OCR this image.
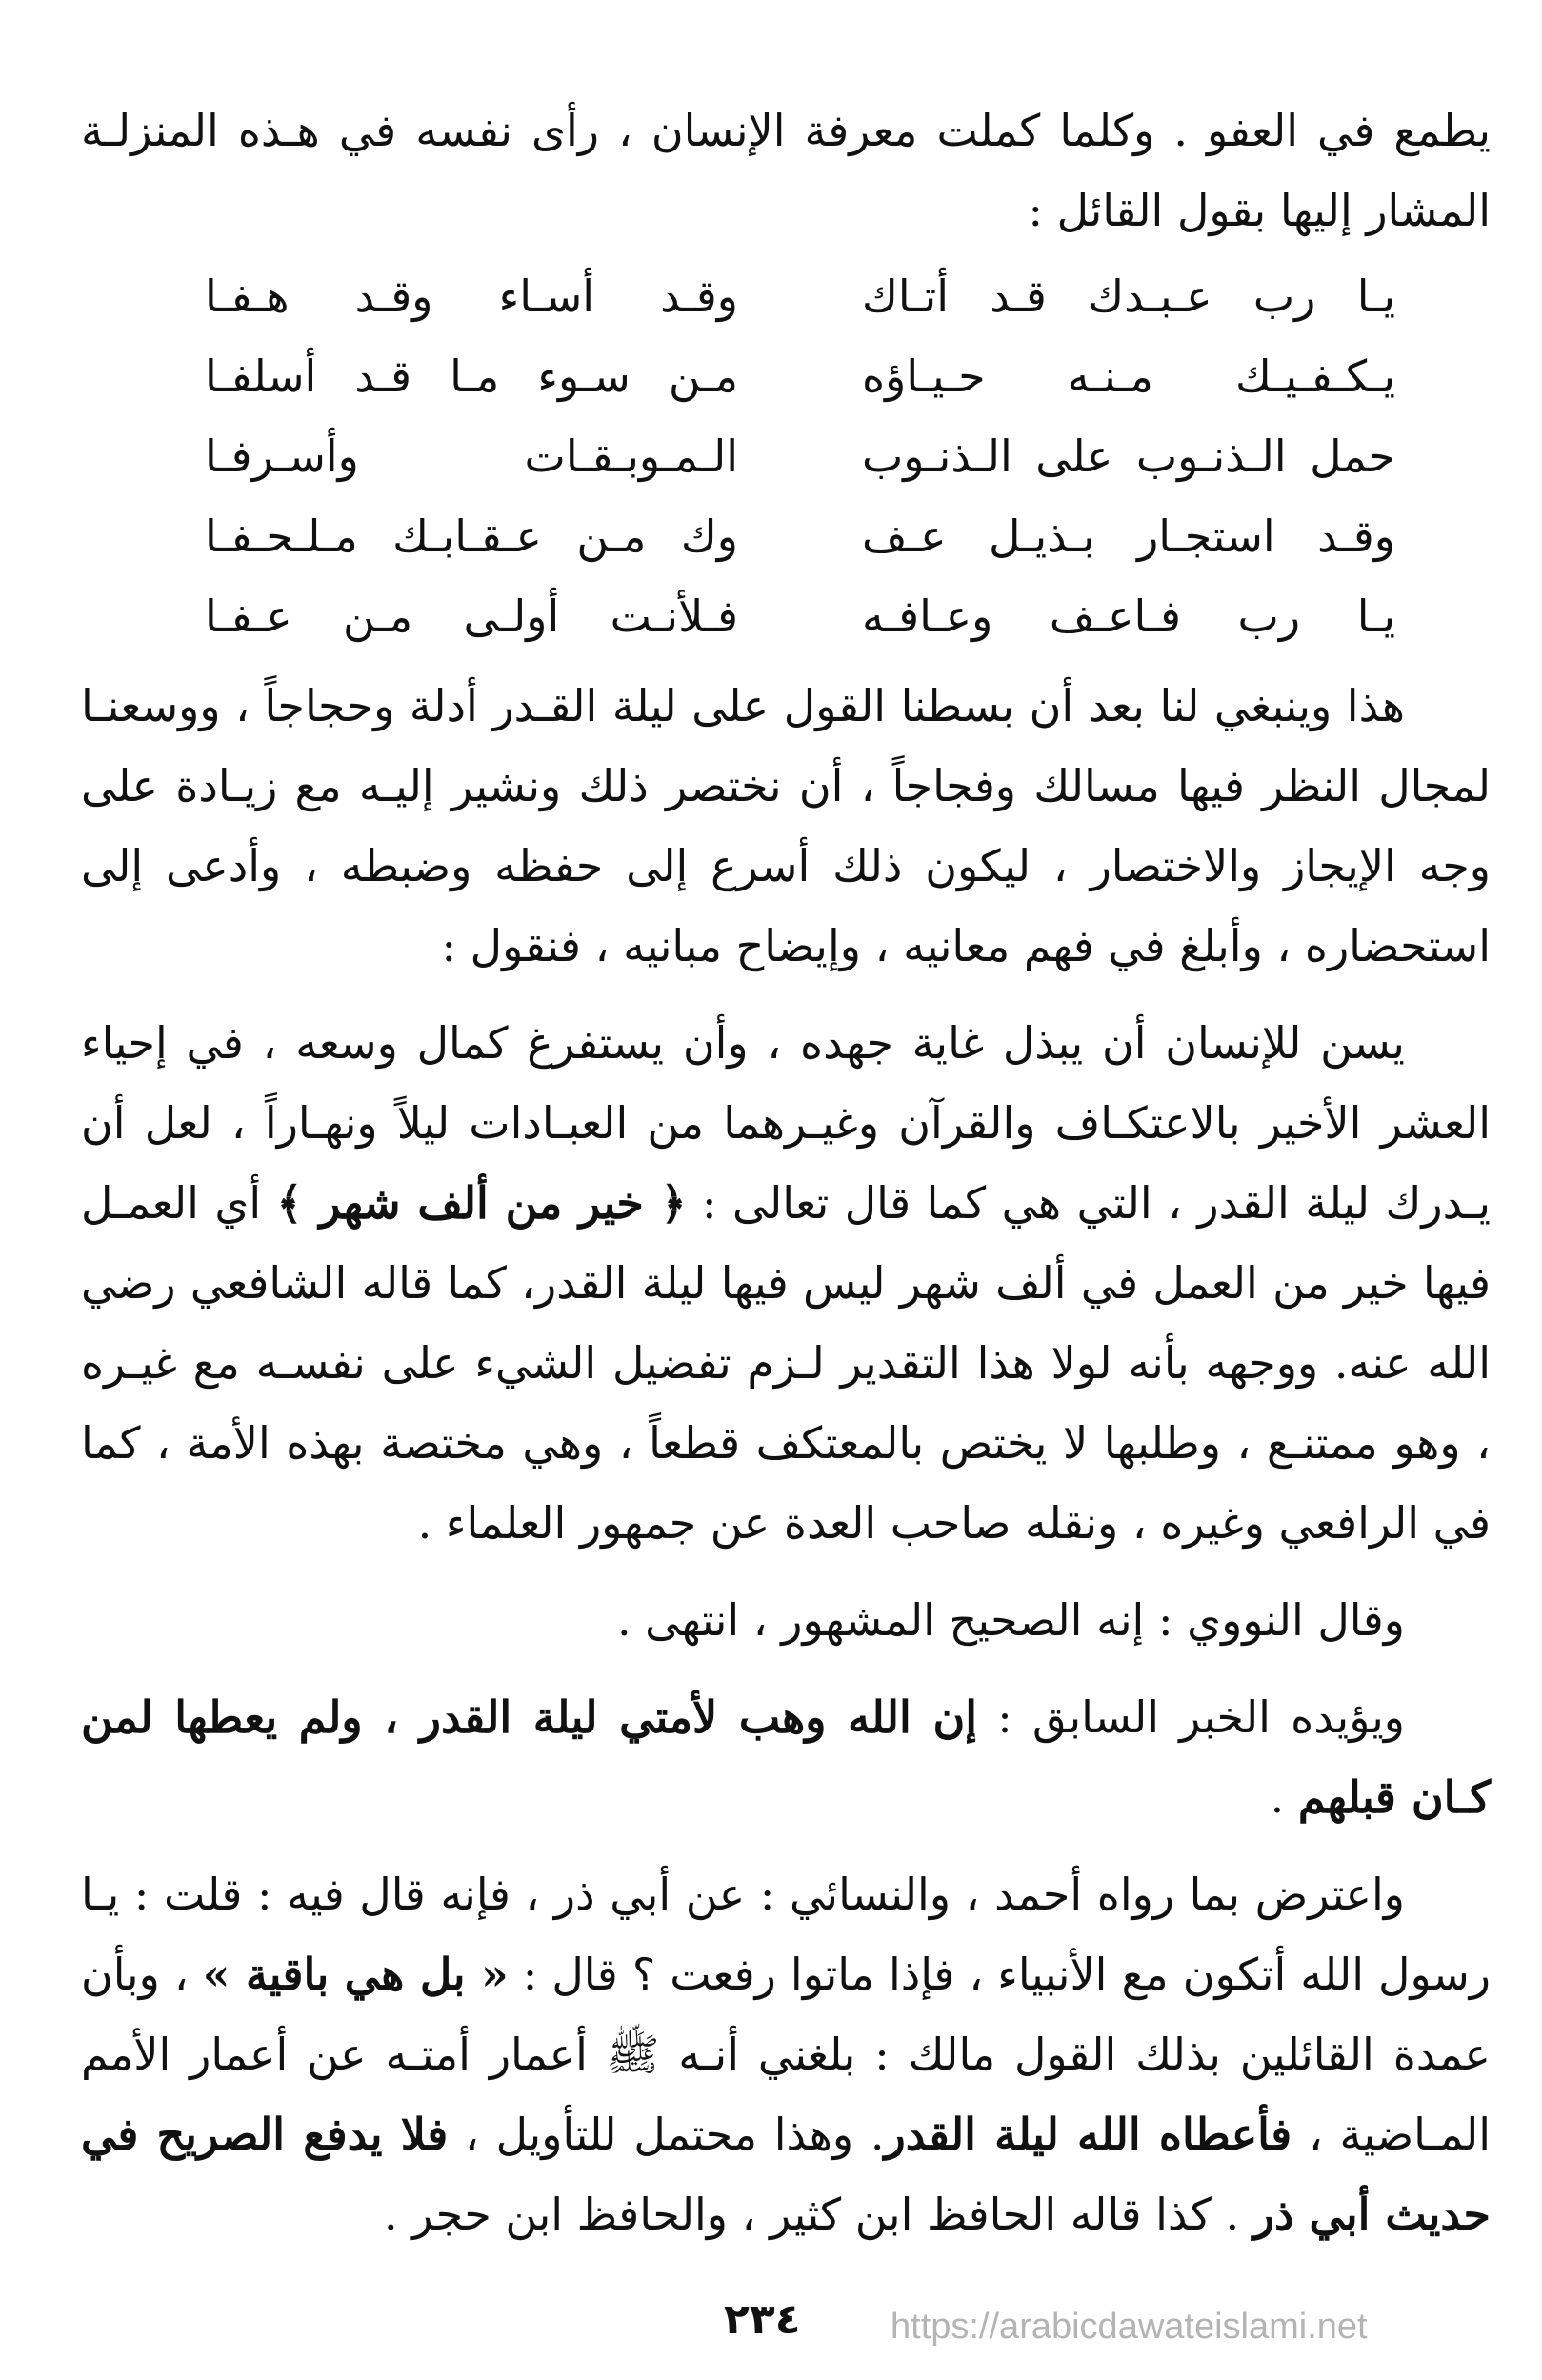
يطمع في العفو . وكلما كملت معرفة الإنسان ، رأى نفسه في هـذه المنزلـة المشار إليها بقول القائل :

يـا رب عـبـدك قـد أتـاك
وقـد أسـاء وقـد هـفـا
يـكـفـيـك مـنـه حـيـاؤه
مـن سـوء مـا قـد أسلفـا
حمل الـذنـوب على الـذنـوب
الـمـوبـقـات وأسـرفـا
وقـد استجـار بـذيـل عـف
وك مـن عـقـابـك مـلـحـفـا
يـا رب فـاعـف وعـافـه
فـلأنـت أولـى مـن عـفـا

هذا وينبغي لنا بعد أن بسطنا القول على ليلة القـدر أدلة وحجاجاً ، ووسعنـا لمجال النظر فيها مسالك وفجاجاً ، أن نختصر ذلك ونشير إليـه مع زيـادة على وجه الإيجاز والاختصار ، ليكون ذلك أسرع إلى حفظه وضبطه ، وأدعى إلى استحضاره ، وأبلغ في فهم معانيه ، وإيضاح مبانيه ، فنقول :

يسن للإنسان أن يبذل غاية جهده ، وأن يستفرغ كمال وسعه ، في إحياء العشر الأخير بالاعتكـاف والقرآن وغيـرهما من العبـادات ليلاً ونهـاراً ، لعل أن يـدرك ليلة القدر ، التي هي كما قال تعالى : ﴿ خير من ألف شهر ﴾ أي العمـل فيها خير من العمل في ألف شهر ليس فيها ليلة القدر، كما قاله الشافعي رضي الله عنه. ووجهه بأنه لولا هذا التقدير لـزم تفضيل الشيء على نفسـه مع غيـره ، وهو ممتنـع ، وطلبها لا يختص بالمعتكف قطعاً ، وهي مختصة بهذه الأمة ، كما في الرافعي وغيره ، ونقله صاحب العدة عن جمهور العلماء .

وقال النووي : إنه الصحيح المشهور ، انتهى .

ويؤيده الخبر السابق : إن الله وهب لأمتي ليلة القدر ، ولم يعطها لمن كـان قبلهم .

واعترض بما رواه أحمد ، والنسائي : عن أبي ذر ، فإنه قال فيه : قلت : يـا رسول الله أتكون مع الأنبياء ، فإذا ماتوا رفعت ؟ قال : « بل هي باقية » ، وبأن عمدة القائلين بذلك القول مالك : بلغني أنـه ﷺ أعمار أمتـه عن أعمار الأمم المـاضية ، فأعطاه الله ليلة القدر. وهذا محتمل للتأويل ، فلا يدفع الصريح في حديث أبي ذر . كذا قاله الحافظ ابن كثير ، والحافظ ابن حجر .

٢٣٤ https://arabicdawateislami.net
